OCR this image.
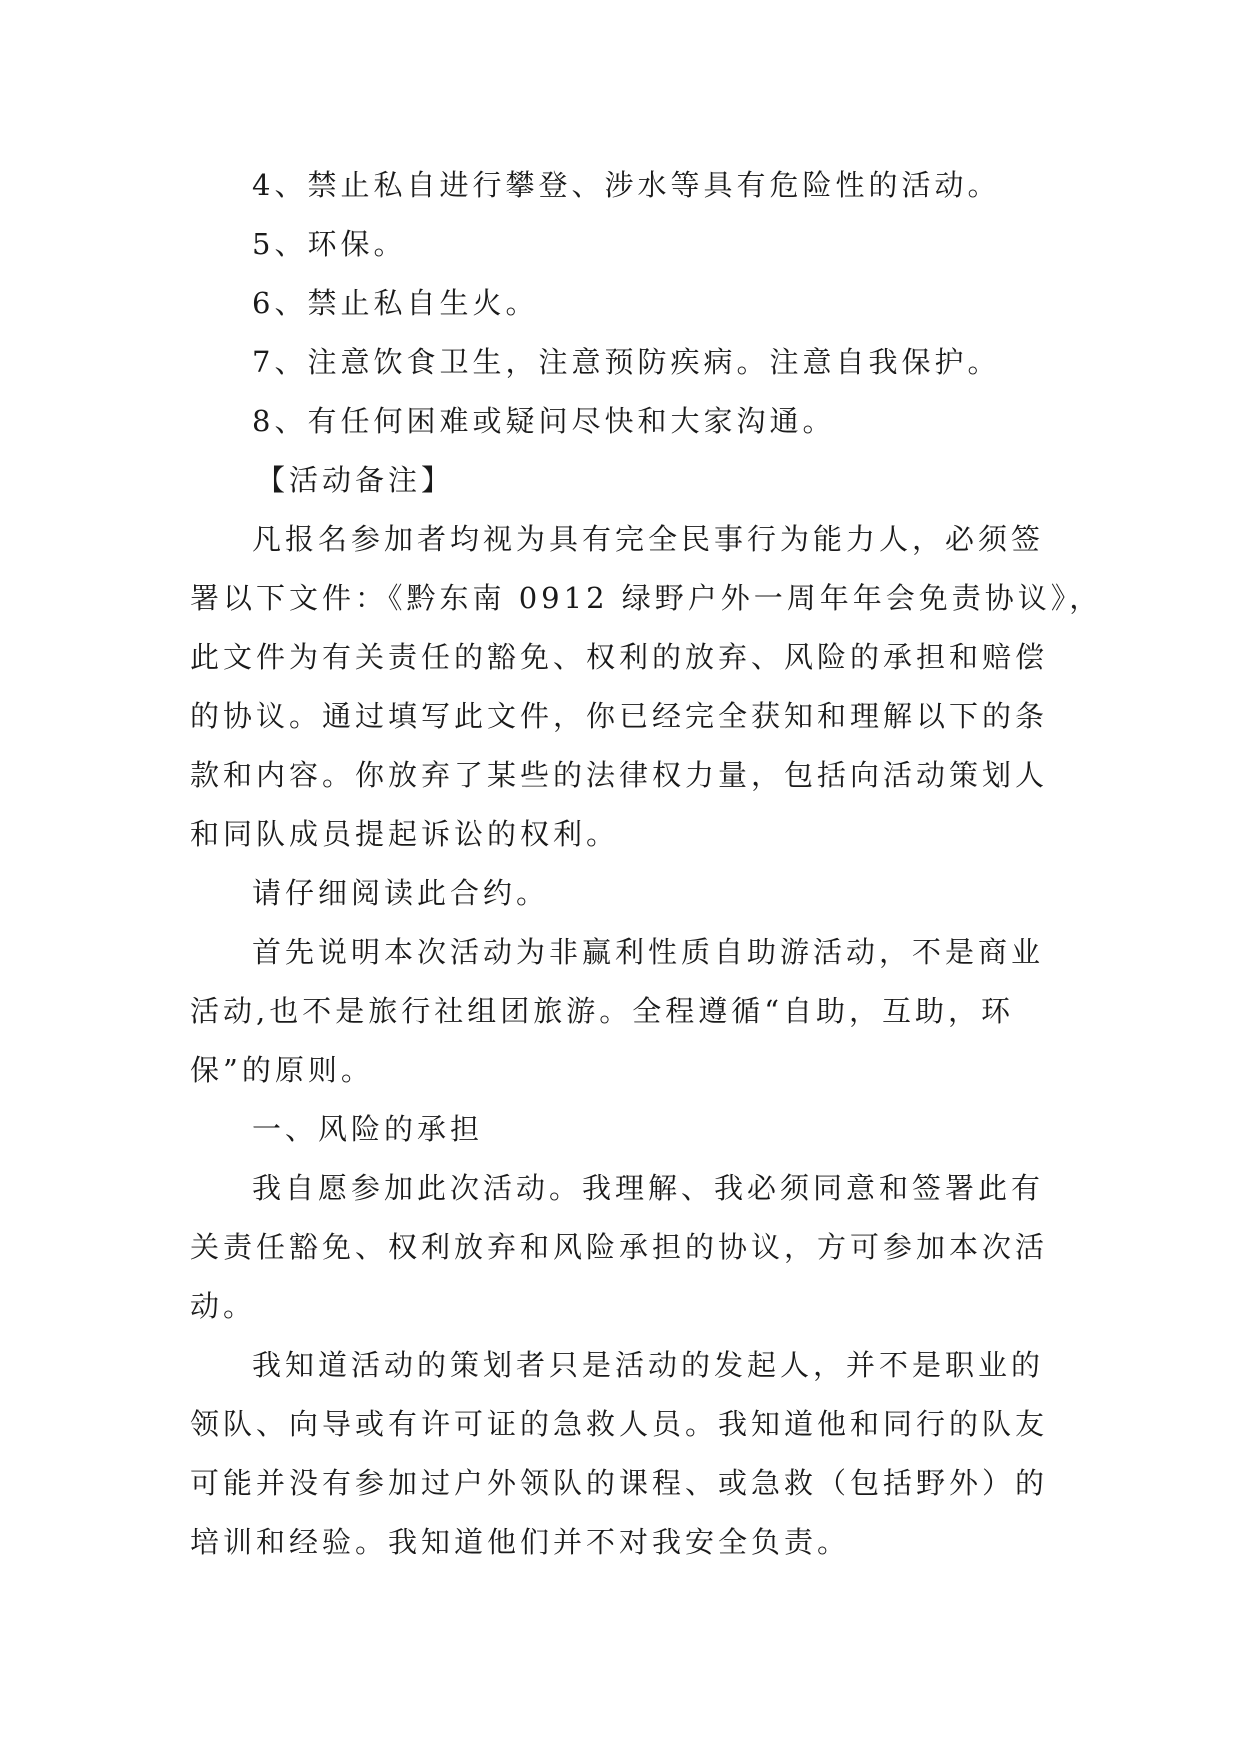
4、禁止私自进行攀登、涉水等具有危险性的活动。
5、环保。
6、禁止私自生火。
7、注意饮食卫生，注意预防疾病。注意自我保护。
8、有任何困难或疑问尽快和大家沟通。
【活动备注】
凡报名参加者均视为具有完全民事行为能力人，必须签
署以下文件：《黔东南 0912 绿野户外一周年年会免责协议》，
此文件为有关责任的豁免、权利的放弃、风险的承担和赔偿
的协议。通过填写此文件，你已经完全获知和理解以下的条
款和内容。你放弃了某些的法律权力量，包括向活动策划人
和同队成员提起诉讼的权利。
请仔细阅读此合约。
首先说明本次活动为非赢利性质自助游活动，不是商业
活动,也不是旅行社组团旅游。全程遵循“自助，互助，环
保”的原则。
一、风险的承担
我自愿参加此次活动。我理解、我必须同意和签署此有
关责任豁免、权利放弃和风险承担的协议，方可参加本次活
动。
我知道活动的策划者只是活动的发起人，并不是职业的
领队、向导或有许可证的急救人员。我知道他和同行的队友
可能并没有参加过户外领队的课程、或急救（包括野外）的
培训和经验。我知道他们并不对我安全负责。
